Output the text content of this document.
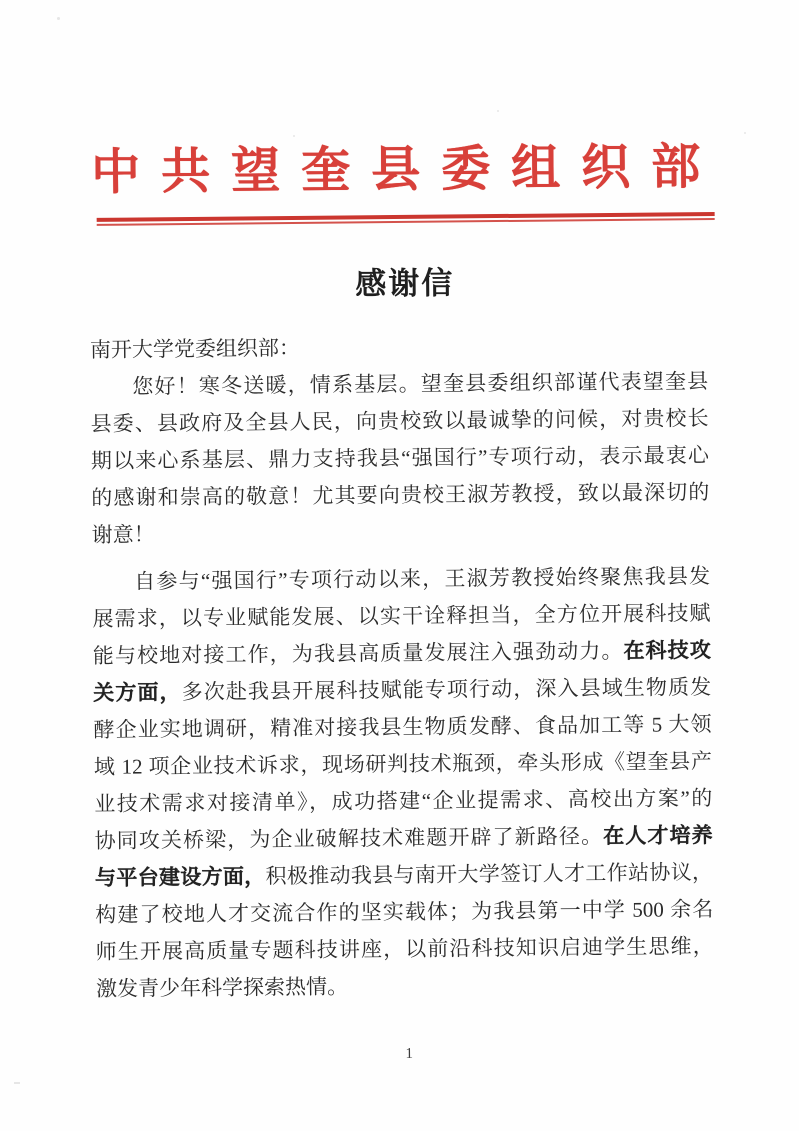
中共望奎县委组织部
感谢信
南开大学党委组织部：
您好！寒冬送暖，情系基层。望奎县委组织部谨代表望奎县
县委、县政府及全县人民，向贵校致以最诚挚的问候，对贵校长
期以来心系基层、鼎力支持我县“强国行”专项行动，表示最衷心
的感谢和崇高的敬意！尤其要向贵校王淑芳教授，致以最深切的
谢意！
自参与“强国行”专项行动以来，王淑芳教授始终聚焦我县发
展需求，以专业赋能发展、以实干诠释担当，全方位开展科技赋
能与校地对接工作，为我县高质量发展注入强劲动力。在科技攻
关方面，多次赴我县开展科技赋能专项行动，深入县域生物质发
酵企业实地调研，精准对接我县生物质发酵、食品加工等 5 大领
域 12 项企业技术诉求，现场研判技术瓶颈，牵头形成《望奎县产
业技术需求对接清单》，成功搭建“企业提需求、高校出方案”的
协同攻关桥梁，为企业破解技术难题开辟了新路径。在人才培养
与平台建设方面，积极推动我县与南开大学签订人才工作站协议，
构建了校地人才交流合作的坚实载体；为我县第一中学 500 余名
师生开展高质量专题科技讲座，以前沿科技知识启迪学生思维，
激发青少年科学探索热情。
1
